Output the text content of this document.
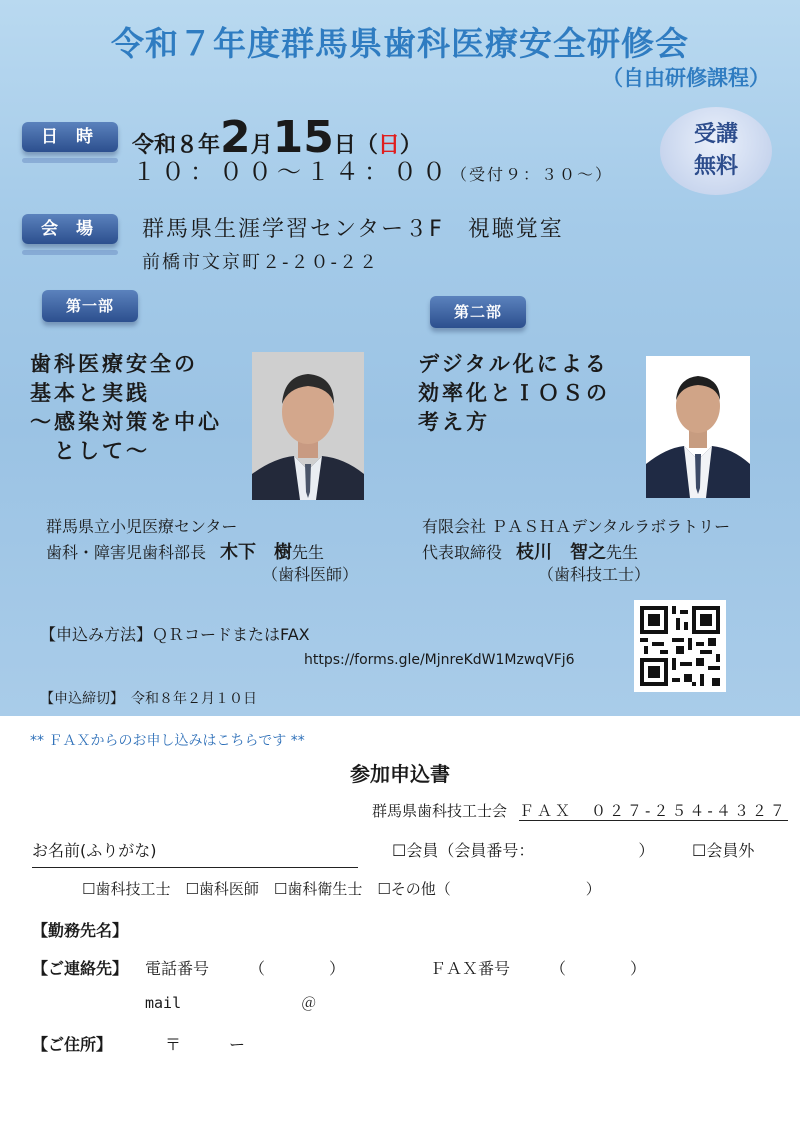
令和７年度群馬県歯科医療安全研修会
（自由研修課程）
日 時	令和８年2月15日（日）
１０：００～１４：００（受付９：３０～）
受講
無料
会 場	群馬県生涯学習センター３F　視聴覚室
前橋市文京町２-２０-２２
第一部
歯科医療安全の
基本と実践
～感染対策を中心
　として～
群馬県立小児医療センター
歯科・障害児歯科部長 木下　樹先生
（歯科医師）
第二部
デジタル化による
効率化とＩＯＳの
考え方
有限会社 ＰＡＳＨＡデンタルラボラトリー
代表取締役 枝川　智之先生
（歯科技工士）
【申込み方法】ＱＲコードまたはFAX
https://forms.gle/MjnreKdW1MzwqVFj6
【申込締切】　令和８年２月１０日
** ＦＡＸからのお申し込みはこちらです **
参加申込書
群馬県歯科技工士会 ＦＡＸ　０２７-２５４-４３２７
お名前(ふりがな)	☐会員（会員番号：　　　　　　　） ☐会員外
☐歯科技工士　☐歯科医師　☐歯科衛生士　☐その他（　　　　　　　　　）
【勤務先名】
【ご連絡先】 電話番号　　　（　　　　）	ＦＡＸ番号　　　（　　　　）
mail　　　　　　　　＠
【ご住所】	〒　　　ー
